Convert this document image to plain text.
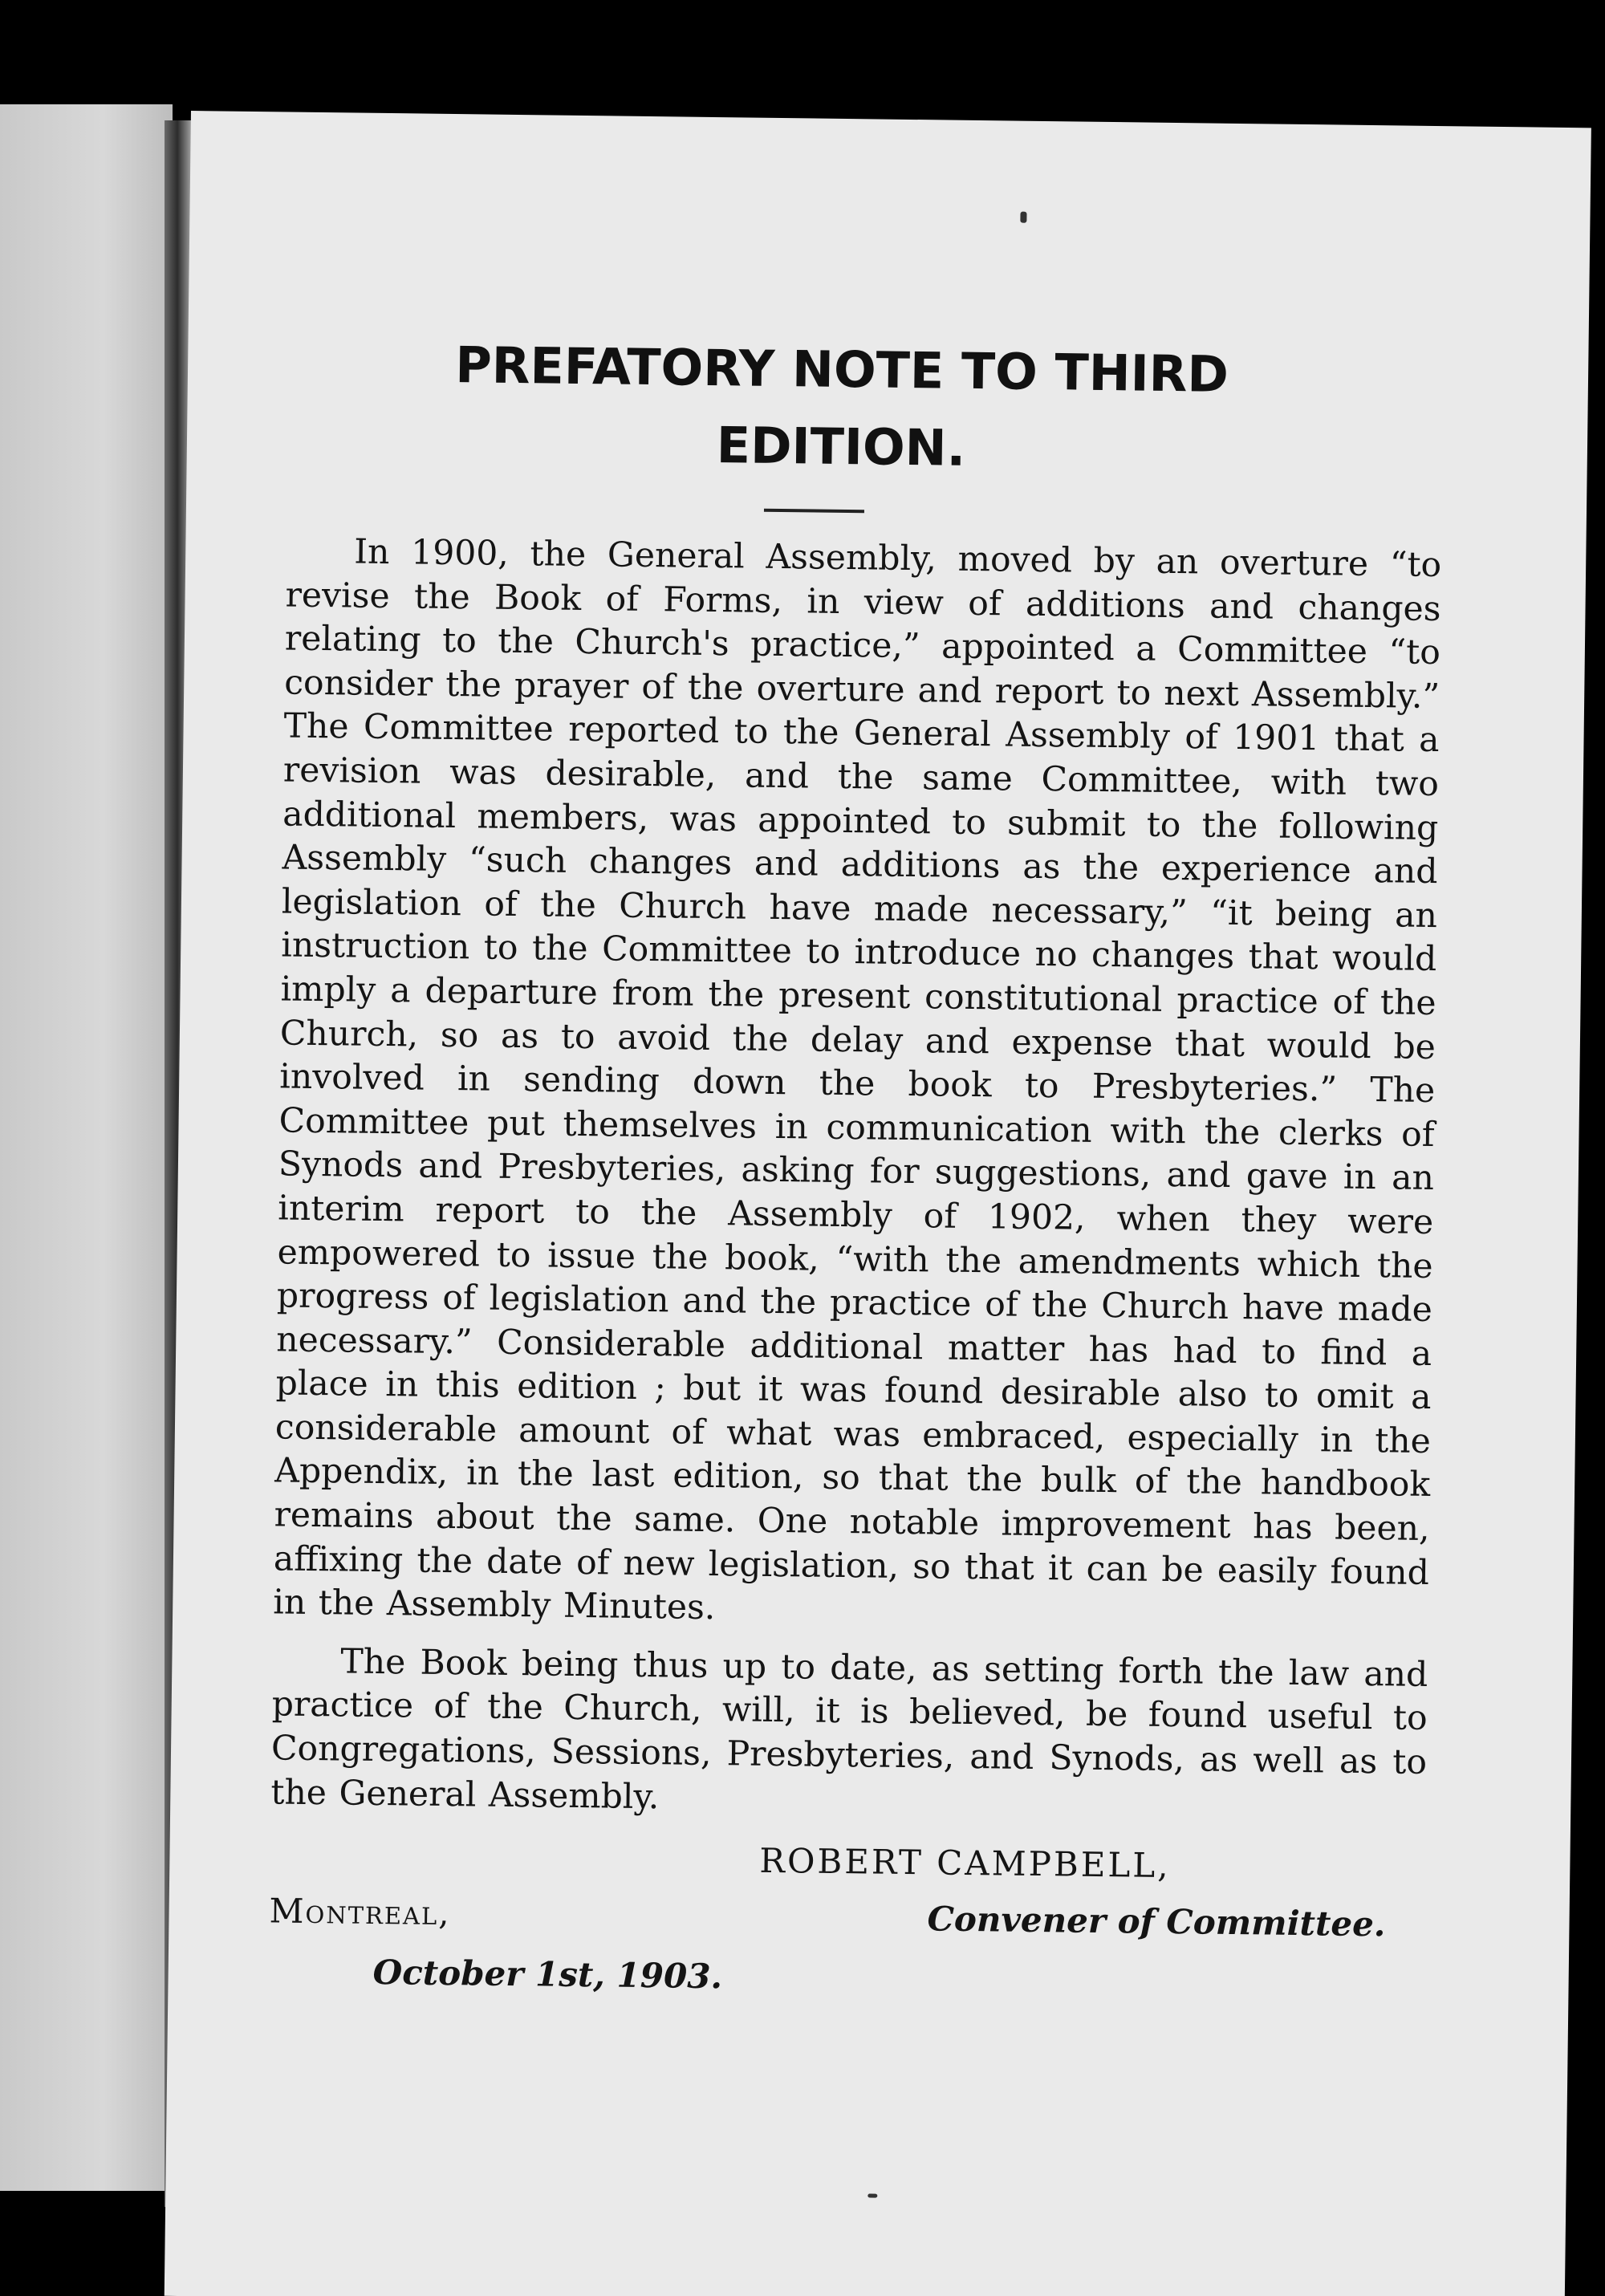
PREFATORY NOTE TO THIRD EDITION.

In 1900, the General Assembly, moved by an overture “to revise the Book of Forms, in view of additions and changes relating to the Church's practice,” appointed a Committee “to consider the prayer of the overture and report to next Assembly.” The Committee reported to the General Assembly of 1901 that a revision was desirable, and the same Committee, with two additional members, was appointed to submit to the following Assembly “such changes and additions as the experience and legislation of the Church have made necessary,” “it being an instruction to the Committee to introduce no changes that would imply a departure from the present constitutional practice of the Church, so as to avoid the delay and expense that would be involved in sending down the book to Presbyteries.” The Committee put themselves in communication with the clerks of Synods and Presbyteries, asking for suggestions, and gave in an interim report to the Assembly of 1902, when they were empowered to issue the book, “with the amendments which the progress of legislation and the practice of the Church have made necessary.” Considerable additional matter has had to find a place in this edition ; but it was found desirable also to omit a considerable amount of what was embraced, especially in the Appendix, in the last edition, so that the bulk of the handbook remains about the same. One notable improvement has been, affixing the date of new legislation, so that it can be easily found in the Assembly Minutes.

The Book being thus up to date, as setting forth the law and practice of the Church, will, it is believed, be found useful to Congregations, Sessions, Presbyteries, and Synods, as well as to the General Assembly.

ROBERT CAMPBELL,
Convener of Committee.
Montreal,
October 1st, 1903.
